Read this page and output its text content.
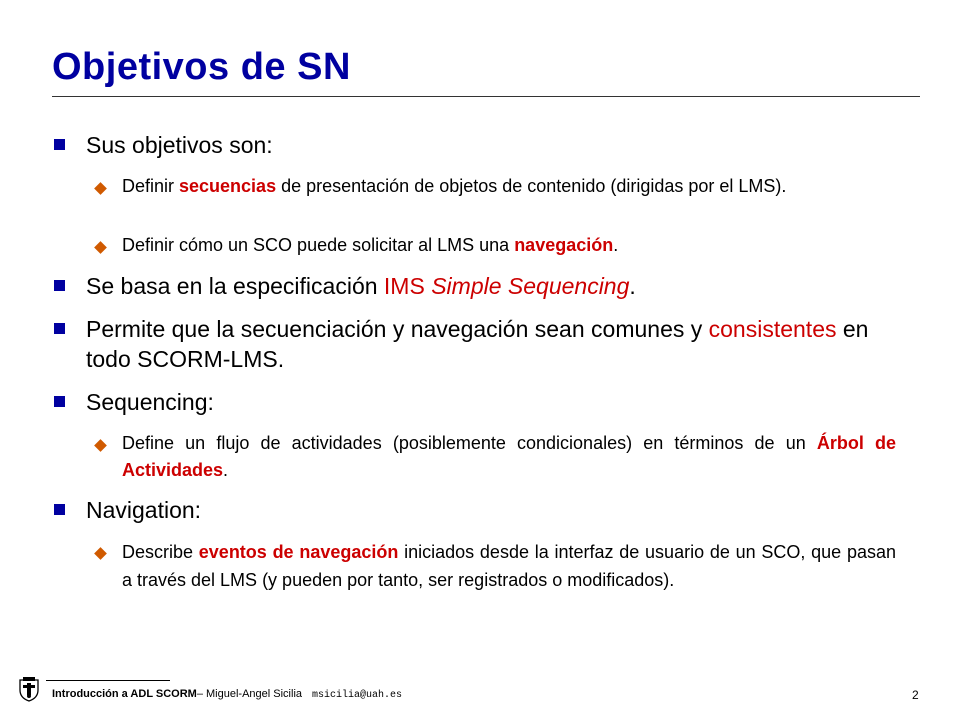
Objetivos de SN
Sus objetivos son:
Definir secuencias de presentación de objetos de contenido (dirigidas por el LMS).
Definir cómo un SCO puede solicitar al LMS una navegación.
Se basa en la especificación IMS Simple Sequencing.
Permite que la secuenciación y navegación sean comunes y consistentes en todo SCORM-LMS.
Sequencing:
Define un flujo de actividades (posiblemente condicionales) en términos de un Árbol de Actividades.
Navigation:
Describe eventos de navegación iniciados desde la interfaz de usuario de un SCO, que pasan a través del LMS (y pueden por tanto, ser registrados o modificados).
Introducción a ADL SCORM– Miguel-Angel Sicilia msicilia@uah.es	2
